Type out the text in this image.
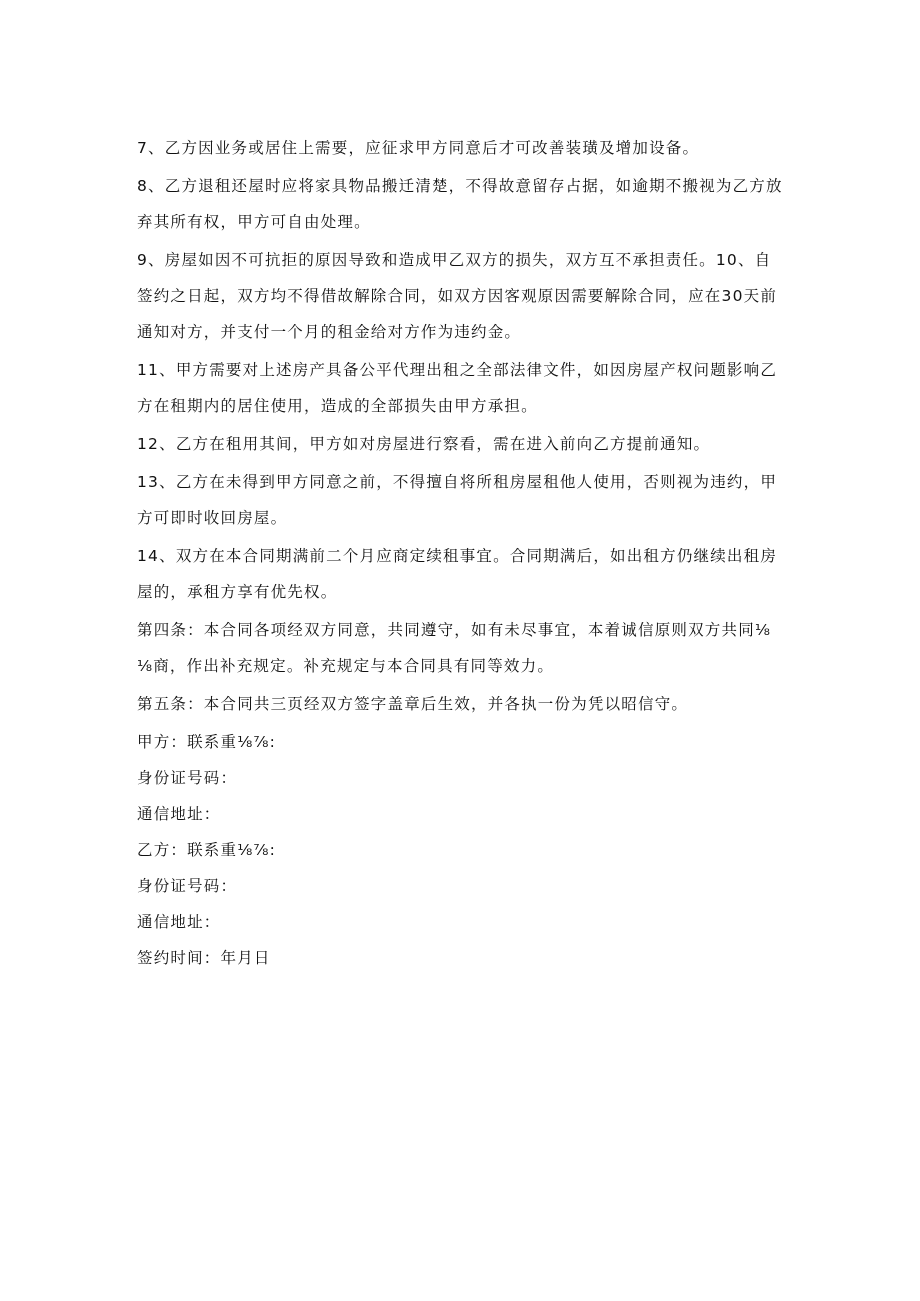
7、乙方因业务或居住上需要，应征求甲方同意后才可改善装璜及增加设备。

8、乙方退租还屋时应将家具物品搬迁清楚，不得故意留存占据，如逾期不搬视为乙方放弃其所有权，甲方可自由处理。

9、房屋如因不可抗拒的原因导致和造成甲乙双方的损失，双方互不承担责任。10、自签约之日起，双方均不得借故解除合同，如双方因客观原因需要解除合同，应在30天前通知对方，并支付一个月的租金给对方作为违约金。

11、甲方需要对上述房产具备公平代理出租之全部法律文件，如因房屋产权问题影响乙方在租期内的居住使用，造成的全部损失由甲方承担。

12、乙方在租用其间，甲方如对房屋进行察看，需在进入前向乙方提前通知。

13、乙方在未得到甲方同意之前，不得擅自将所租房屋租他人使用，否则视为违约，甲方可即时收回房屋。

14、双方在本合同期满前二个月应商定续租事宜。合同期满后，如出租方仍继续出租房屋的，承租方享有优先权。

第四条：本合同各项经双方同意，共同遵守，如有未尽事宜，本着诚信原则双方共同⅛⅛商，作出补充规定。补充规定与本合同具有同等效力。

第五条：本合同共三页经双方签字盖章后生效，并各执一份为凭以昭信守。

甲方：联系重⅛⅞:

身份证号码：

通信地址：

乙方：联系重⅛⅞:

身份证号码：

通信地址：

签约时间：年月日
